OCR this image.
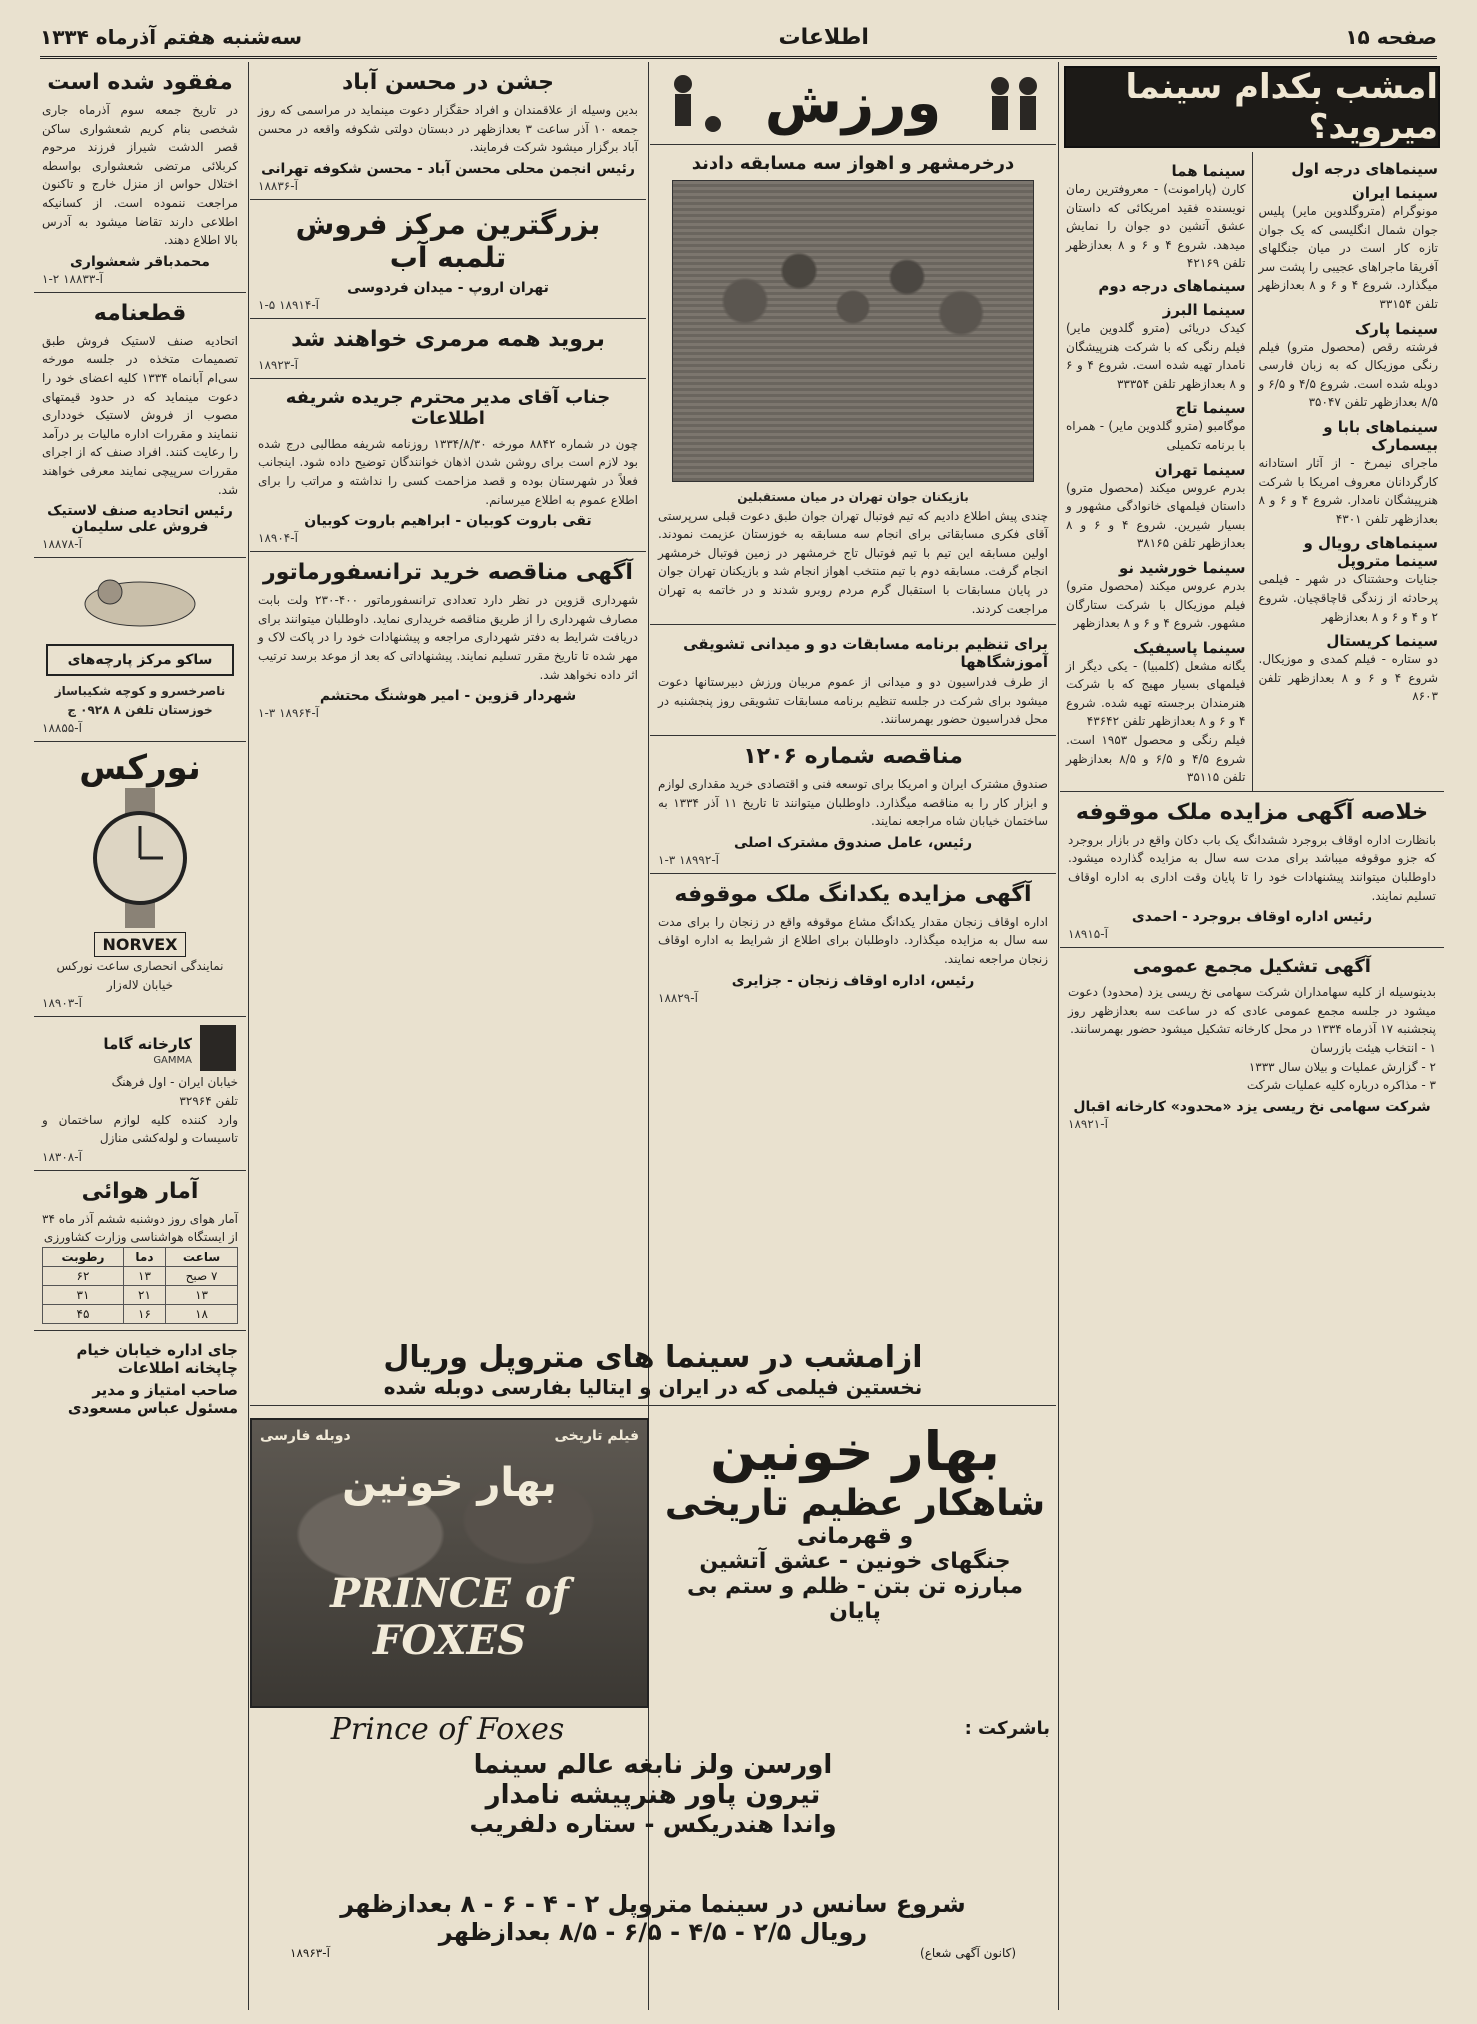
صفحه ۱۵
اطلاعات
سه‌شنبه هفتم آذرماه ۱۳۳۴
مفقود شده است
در تاریخ جمعه سوم آذرماه جاری شخصی بنام کریم شعشواری ساکن قصر الدشت شیراز فرزند مرحوم کربلائی مرتضی شعشواری بواسطه اختلال حواس از منزل خارج و تاکنون مراجعت ننموده است. از کسانیکه اطلاعی دارند تقاضا میشود به آدرس بالا اطلاع دهند.
محمدباقر شعشواری
آ-۱۸۸۳۳ ۲-۱
قطعنامه
اتحادیه صنف لاستیک فروش طبق تصمیمات متخذه در جلسه مورخه سی‌ام آبانماه ۱۳۳۴ کلیه اعضای خود را دعوت مینماید که در حدود قیمتهای مصوب از فروش لاستیک خودداری ننمایند و مقررات اداره مالیات بر درآمد را رعایت کنند. افراد صنف که از اجرای مقررات سرپیچی نمایند معرفی خواهند شد.
رئیس اتحادیه صنف لاستیک فروش علی سلیمان
آ-۱۸۸۷۸
ساکو مرکز پارچه‌های
ناصرخسرو و کوچه شکیباساز
خوزستان تلفن ۸ ۰۹۲۸ ج
آ-۱۸۸۵۵
نورکس
NORVEX
نمایندگی انحصاری ساعت نورکس خیابان لاله‌زار
آ-۱۸۹۰۳
کارخانه گاما
GAMMA
خیابان ایران - اول فرهنگ
تلفن ۳۲۹۶۴
وارد کننده کلیه لوازم ساختمان و تاسیسات و لوله‌کشی منازل
آ-۱۸۳۰۸
آمار هوائی
آمار هوای روز دوشنبه ششم آذر ماه ۳۴ از ایستگاه هواشناسی وزارت کشاورزی
ساعت	دما	رطوبت
۷ صبح	۱۳	۶۲
۱۳	۲۱	۳۱
۱۸	۱۶	۴۵
جای اداره خیابان خیام چاپخانه اطلاعات
صاحب امتیاز و مدیر مسئول عباس مسعودی
جشن در محسن آباد
بدین وسیله از علاقمندان و افراد حقگزار دعوت مینماید در مراسمی که روز جمعه ۱۰ آذر ساعت ۳ بعدازظهر در دبستان دولتی شکوفه واقعه در محسن آباد برگزار میشود شرکت فرمایند.
رئیس انجمن محلی محسن آباد - محسن شکوفه تهرانی
آ-۱۸۸۳۶
بزرگترین مرکز فروش تلمبه آب
تهران اروپ - میدان فردوسی
آ-۱۸۹۱۴ ۵-۱
بروید همه مرمری خواهند شد
آ-۱۸۹۲۳
جناب آقای مدیر محترم جریده شریفه اطلاعات
چون در شماره ۸۸۴۲ مورخه ۱۳۳۴/۸/۳۰ روزنامه شریفه مطالبی درج شده بود لازم است برای روشن شدن اذهان خوانندگان توضیح داده شود. اینجانب فعلاً در شهرستان بوده و قصد مزاحمت کسی را نداشته و مراتب را برای اطلاع عموم به اطلاع میرسانم.
تقی باروت کوبیان - ابراهیم باروت کوبیان
آ-۱۸۹۰۴
آگهی مناقصه خرید ترانسفورماتور
شهرداری قزوین در نظر دارد تعدادی ترانسفورماتور ۴۰۰-۲۳۰ ولت بابت مصارف شهرداری را از طریق مناقصه خریداری نماید. داوطلبان میتوانند برای دریافت شرایط به دفتر شهرداری مراجعه و پیشنهادات خود را در پاکت لاک و مهر شده تا تاریخ مقرر تسلیم نمایند. پیشنهاداتی که بعد از موعد برسد ترتیب اثر داده نخواهد شد.
شهردار قزوین - امیر هوشنگ محتشم
آ-۱۸۹۶۴ ۳-۱
ورزش
درخرمشهر و اهواز سه مسابقه دادند
بازیکنان جوان تهران در میان مستقبلین
چندی پیش اطلاع دادیم که تیم فوتبال تهران جوان طبق دعوت قبلی سرپرستی آقای فکری مسابقاتی برای انجام سه مسابقه به خوزستان عزیمت نمودند. اولین مسابقه این تیم با تیم فوتبال تاج خرمشهر در زمین فوتبال خرمشهر انجام گرفت. مسابقه دوم با تیم منتخب اهواز انجام شد و بازیکنان تهران جوان در پایان مسابقات با استقبال گرم مردم روبرو شدند و در خاتمه به تهران مراجعت کردند.
برای تنظیم برنامه مسابقات دو و میدانی تشویقی آموزشگاهها
از طرف فدراسیون دو و میدانی از عموم مربیان ورزش دبیرستانها دعوت میشود برای شرکت در جلسه تنظیم برنامه مسابقات تشویقی روز پنجشنبه در محل فدراسیون حضور بهمرسانند.
مناقصه شماره ۱۲۰۶
صندوق مشترک ایران و امریکا برای توسعه فنی و اقتصادی خرید مقداری لوازم و ابزار کار را به مناقصه میگذارد. داوطلبان میتوانند تا تاریخ ۱۱ آذر ۱۳۳۴ به ساختمان خیابان شاه مراجعه نمایند.
رئیس، عامل صندوق مشترک اصلی
آ-۱۸۹۹۲ ۳-۱
آگهی مزایده یکدانگ ملک موقوفه
اداره اوقاف زنجان مقدار یکدانگ مشاع موقوفه واقع در زنجان را برای مدت سه سال به مزایده میگذارد. داوطلبان برای اطلاع از شرایط به اداره اوقاف زنجان مراجعه نمایند.
رئیس، اداره اوقاف زنجان - جزایری
آ-۱۸۸۲۹
ازامشب در سینما های متروپل وریال
نخستین فیلمی که در ایران و ایتالیا بفارسی دوبله شده
دوبله فارسی	فیلم تاریخی
بهار خونین
PRINCE of FOXES
Prince of Foxes
بهار خونین
شاهکار عظیم تاریخی
و قهرمانی
جنگهای خونین - عشق آتشین
مبارزه تن بتن - ظلم و ستم بی پایان
باشرکت :
اورسن ولز نابغه عالم سینما
تیرون پاور هنرپیشه نامدار
واندا هندریکس - ستاره دلفریب
شروع سانس در سینما متروپل ۲ - ۴ - ۶ - ۸ بعدازظهر
رویال ۲/۵ - ۴/۵ - ۶/۵ - ۸/۵ بعدازظهر
(کانون آگهی شعاع)
آ-۱۸۹۶۳
امشب بکدام سینما میروید؟
سینماهای درجه اول
سینما ایران
مونوگرام (متروگلدوین مایر) پلیس جوان شمال انگلیسی که یک جوان تازه کار است در میان جنگلهای آفریقا ماجراهای عجیبی را پشت سر میگذارد. شروع ۴ و ۶ و ۸ بعدازظهر تلفن ۳۳۱۵۴
سینما پارک
فرشته رقص (محصول مترو) فیلم رنگی موزیکال که به زبان فارسی دوبله شده است. شروع ۴/۵ و ۶/۵ و ۸/۵ بعدازظهر تلفن ۳۵۰۴۷
سینماهای بابا و بیسمارک
ماجرای نیمرخ - از آثار استادانه کارگردانان معروف امریکا با شرکت هنرپیشگان نامدار. شروع ۴ و ۶ و ۸ بعدازظهر تلفن ۴۳۰۱
سینماهای رویال و سینما متروپل
جنایات وحشتناک در شهر - فیلمی پرحادثه از زندگی قاچاقچیان. شروع ۲ و ۴ و ۶ و ۸ بعدازظهر
سینما کریستال
دو ستاره - فیلم کمدی و موزیکال. شروع ۴ و ۶ و ۸ بعدازظهر تلفن ۸۶۰۳
سینما هما
کارن (پارامونت) - معروفترین رمان نویسنده فقید امریکائی که داستان عشق آتشین دو جوان را نمایش میدهد. شروع ۴ و ۶ و ۸ بعدازظهر تلفن ۴۲۱۶۹
سینماهای درجه دوم
سینما البرز
کیدک دریائی (مترو گلدوین مایر) فیلم رنگی که با شرکت هنرپیشگان نامدار تهیه شده است. شروع ۴ و ۶ و ۸ بعدازظهر تلفن ۳۳۳۵۴
سینما تاج
موگامبو (مترو گلدوین مایر) - همراه با برنامه تکمیلی
سینما تهران
بدرم عروس میکند (محصول مترو) داستان فیلمهای خانوادگی مشهور و بسیار شیرین. شروع ۴ و ۶ و ۸ بعدازظهر تلفن ۳۸۱۶۵
سینما خورشید نو
بدرم عروس میکند (محصول مترو) فیلم موزیکال با شرکت ستارگان مشهور. شروع ۴ و ۶ و ۸ بعدازظهر
سینما پاسیفیک
یگانه مشعل (کلمبیا) - یکی دیگر از فیلمهای بسیار مهیج که با شرکت هنرمندان برجسته تهیه شده. شروع ۴ و ۶ و ۸ بعدازظهر تلفن ۴۳۶۴۲
فیلم رنگی و محصول ۱۹۵۳ است. شروع ۴/۵ و ۶/۵ و ۸/۵ بعدازظهر تلفن ۳۵۱۱۵
خلاصه آگهی مزایده ملک موقوفه
بانظارت اداره اوقاف بروجرد ششدانگ یک باب دکان واقع در بازار بروجرد که جزو موقوفه میباشد برای مدت سه سال به مزایده گذارده میشود. داوطلبان میتوانند پیشنهادات خود را تا پایان وقت اداری به اداره اوقاف تسلیم نمایند.
رئیس اداره اوقاف بروجرد - احمدی
آ-۱۸۹۱۵
آگهی تشکیل مجمع عمومی
بدینوسیله از کلیه سهامداران شرکت سهامی نخ ریسی یزد (محدود) دعوت میشود در جلسه مجمع عمومی عادی که در ساعت سه بعدازظهر روز پنجشنبه ۱۷ آذرماه ۱۳۳۴ در محل کارخانه تشکیل میشود حضور بهمرسانند.
۱ - انتخاب هیئت بازرسان
۲ - گزارش عملیات و بیلان سال ۱۳۳۳
۳ - مذاکره درباره کلیه عملیات شرکت
شرکت سهامی نخ ریسی یزد «محدود» کارخانه اقبال
آ-۱۸۹۲۱
